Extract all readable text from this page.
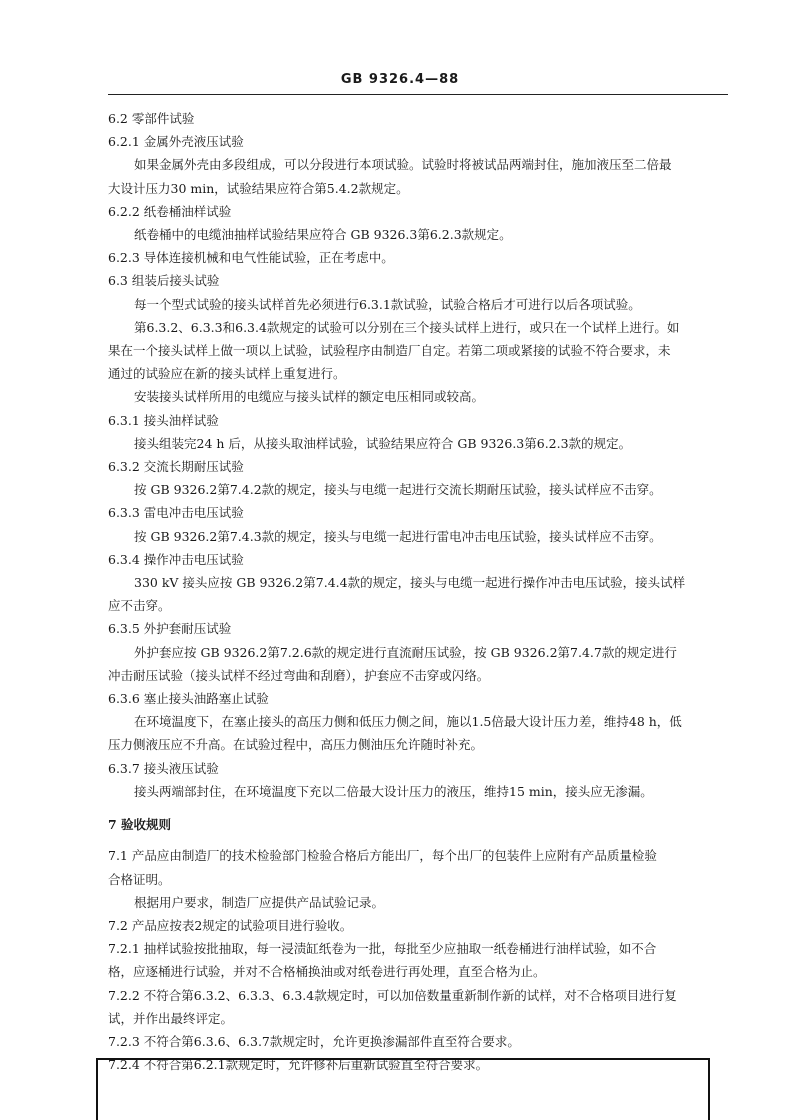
GB 9326.4—88
6.2 零部件试验
6.2.1 金属外壳液压试验
如果金属外壳由多段组成，可以分段进行本项试验。试验时将被试品两端封住，施加液压至二倍最
大设计压力30 min，试验结果应符合第5.4.2款规定。
6.2.2 纸卷桶油样试验
纸卷桶中的电缆油抽样试验结果应符合 GB 9326.3第6.2.3款规定。
6.2.3 导体连接机械和电气性能试验，正在考虑中。
6.3 组装后接头试验
每一个型式试验的接头试样首先必须进行6.3.1款试验，试验合格后才可进行以后各项试验。
第6.3.2、6.3.3和6.3.4款规定的试验可以分别在三个接头试样上进行，或只在一个试样上进行。如
果在一个接头试样上做一项以上试验，试验程序由制造厂自定。若第二项或紧接的试验不符合要求，未
通过的试验应在新的接头试样上重复进行。
安装接头试样所用的电缆应与接头试样的额定电压相同或较高。
6.3.1 接头油样试验
接头组装完24 h 后，从接头取油样试验，试验结果应符合 GB 9326.3第6.2.3款的规定。
6.3.2 交流长期耐压试验
按 GB 9326.2第7.4.2款的规定，接头与电缆一起进行交流长期耐压试验，接头试样应不击穿。
6.3.3 雷电冲击电压试验
按 GB 9326.2第7.4.3款的规定，接头与电缆一起进行雷电冲击电压试验，接头试样应不击穿。
6.3.4 操作冲击电压试验
330 kV 接头应按 GB 9326.2第7.4.4款的规定，接头与电缆一起进行操作冲击电压试验，接头试样
应不击穿。
6.3.5 外护套耐压试验
外护套应按 GB 9326.2第7.2.6款的规定进行直流耐压试验，按 GB 9326.2第7.4.7款的规定进行
冲击耐压试验（接头试样不经过弯曲和刮磨），护套应不击穿或闪络。
6.3.6 塞止接头油路塞止试验
在环境温度下，在塞止接头的高压力侧和低压力侧之间，施以1.5倍最大设计压力差，维持48 h，低
压力侧液压应不升高。在试验过程中，高压力侧油压允许随时补充。
6.3.7 接头液压试验
接头两端部封住，在环境温度下充以二倍最大设计压力的液压，维持15 min，接头应无渗漏。
7 验收规则
7.1 产品应由制造厂的技术检验部门检验合格后方能出厂，每个出厂的包装件上应附有产品质量检验
合格证明。
根据用户要求，制造厂应提供产品试验记录。
7.2 产品应按表2规定的试验项目进行验收。
7.2.1 抽样试验按批抽取，每一浸渍缸纸卷为一批，每批至少应抽取一纸卷桶进行油样试验，如不合
格，应逐桶进行试验，并对不合格桶换油或对纸卷进行再处理，直至合格为止。
7.2.2 不符合第6.3.2、6.3.3、6.3.4款规定时，可以加倍数量重新制作新的试样，对不合格项目进行复
试，并作出最终评定。
7.2.3 不符合第6.3.6、6.3.7款规定时，允许更换渗漏部件直至符合要求。
7.2.4 不符合第6.2.1款规定时，允许修补后重新试验直至符合要求。
